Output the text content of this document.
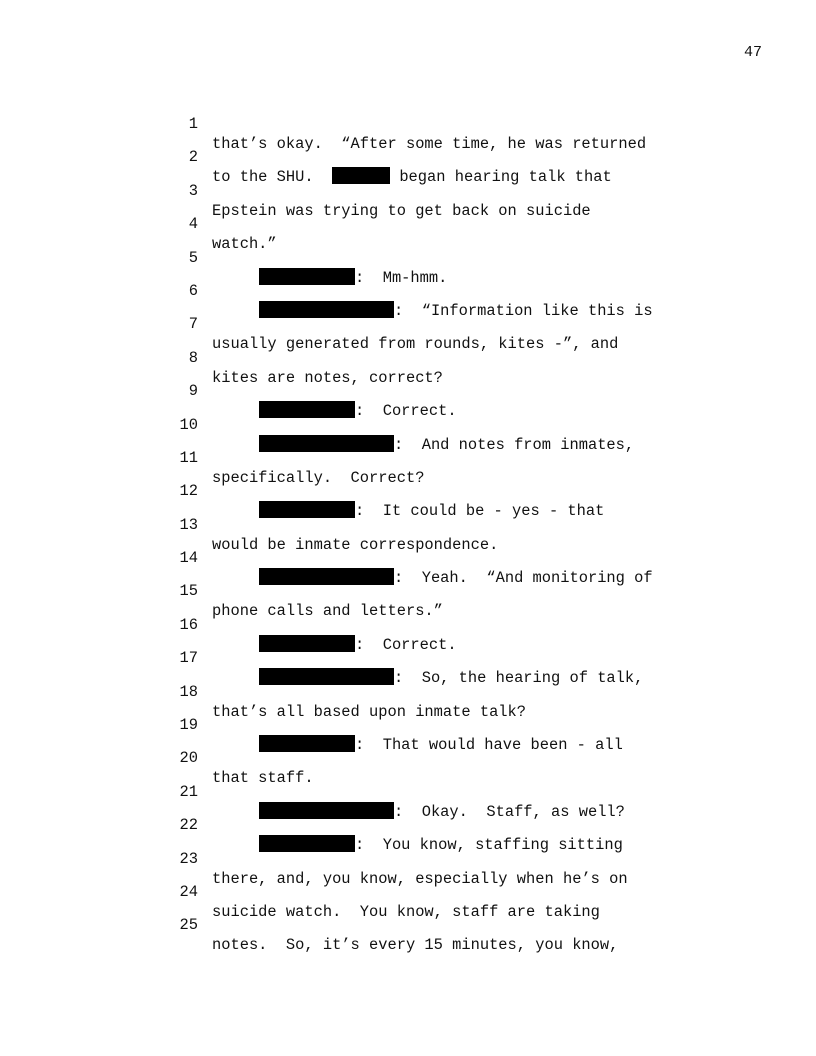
47

1

that’s okay.  “After some time, he was returned

2

to the SHU.	began hearing talk that

3

Epstein was trying to get back on suicide

4

watch.”

5

:  Mm-hmm.

6

:  “Information like this is

7

usually generated from rounds, kites -”, and

8

kites are notes, correct?

9

:  Correct.

10

:  And notes from inmates,

11

specifically.  Correct?

12

:  It could be - yes - that

13

would be inmate correspondence.

14

:  Yeah.  “And monitoring of

15

phone calls and letters.”

16

:  Correct.

17

:  So, the hearing of talk,

18

that’s all based upon inmate talk?

19

:  That would have been - all

20

that staff.

21

:  Okay.  Staff, as well?

22

:  You know, staffing sitting

23

there, and, you know, especially when he’s on

24

suicide watch.  You know, staff are taking

25

notes.  So, it’s every 15 minutes, you know,
